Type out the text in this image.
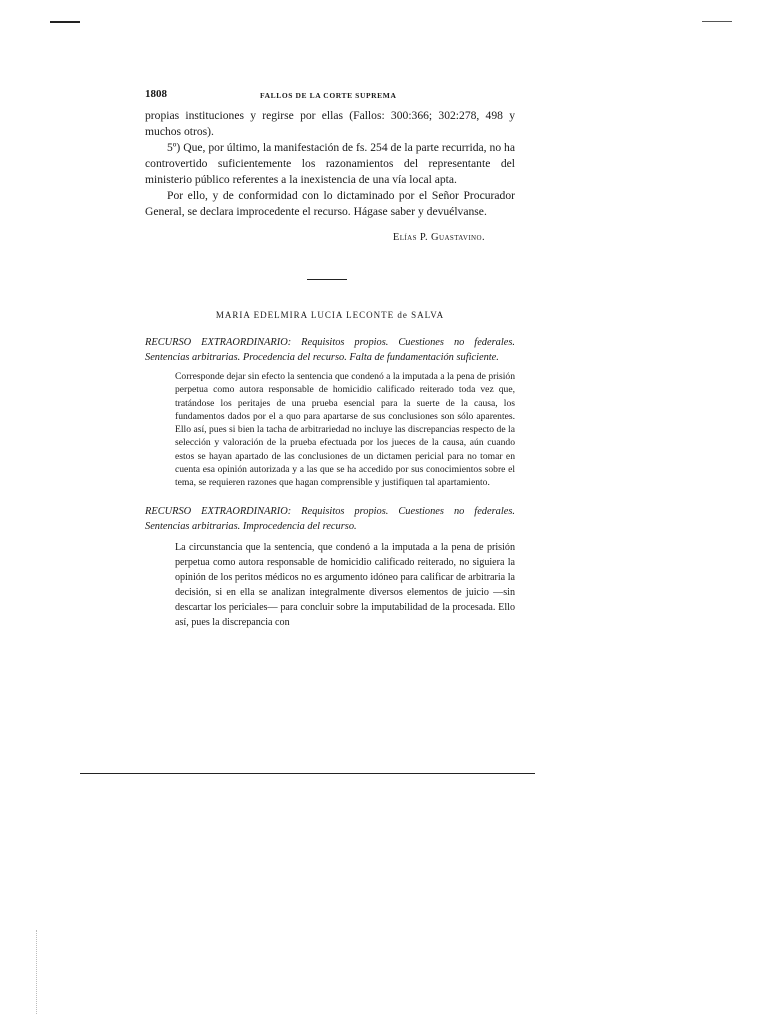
1808	FALLOS DE LA CORTE SUPREMA

propias instituciones y regirse por ellas (Fallos: 300:366; 302:278, 498 y muchos otros).

5º) Que, por último, la manifestación de fs. 254 de la parte recurrida, no ha controvertido suficientemente los razonamientos del representante del ministerio público referentes a la inexistencia de una vía local apta.

Por ello, y de conformidad con lo dictaminado por el Señor Procurador General, se declara improcedente el recurso. Hágase saber y devuélvanse.

Elías P. Guastavino.
MARIA EDELMIRA LUCIA LECONTE de SALVA
RECURSO EXTRAORDINARIO: Requisitos propios. Cuestiones no federales. Sentencias arbitrarias. Procedencia del recurso. Falta de fundamentación suficiente.
Corresponde dejar sin efecto la sentencia que condenó a la imputada a la pena de prisión perpetua como autora responsable de homicidio calificado reiterado toda vez que, tratándose los peritajes de una prueba esencial para la suerte de la causa, los fundamentos dados por el a quo para apartarse de sus conclusiones son sólo aparentes. Ello así, pues si bien la tacha de arbitrariedad no incluye las discrepancias respecto de la selección y valoración de la prueba efectuada por los jueces de la causa, aún cuando estos se hayan apartado de las conclusiones de un dictamen pericial para no tomar en cuenta esa opinión autorizada y a las que se ha accedido por sus conocimientos sobre el tema, se requieren razones que hagan comprensible y justifiquen tal apartamiento.
RECURSO EXTRAORDINARIO: Requisitos propios. Cuestiones no federales. Sentencias arbitrarias. Improcedencia del recurso.
La circunstancia que la sentencia, que condenó a la imputada a la pena de prisión perpetua como autora responsable de homicidio calificado reiterado, no siguiera la opinión de los peritos médicos no es argumento idóneo para calificar de arbitraria la decisión, si en ella se analizan integralmente diversos elementos de juicio —sin descartar los periciales— para concluir sobre la imputabilidad de la procesada. Ello así, pues la discrepancia con
